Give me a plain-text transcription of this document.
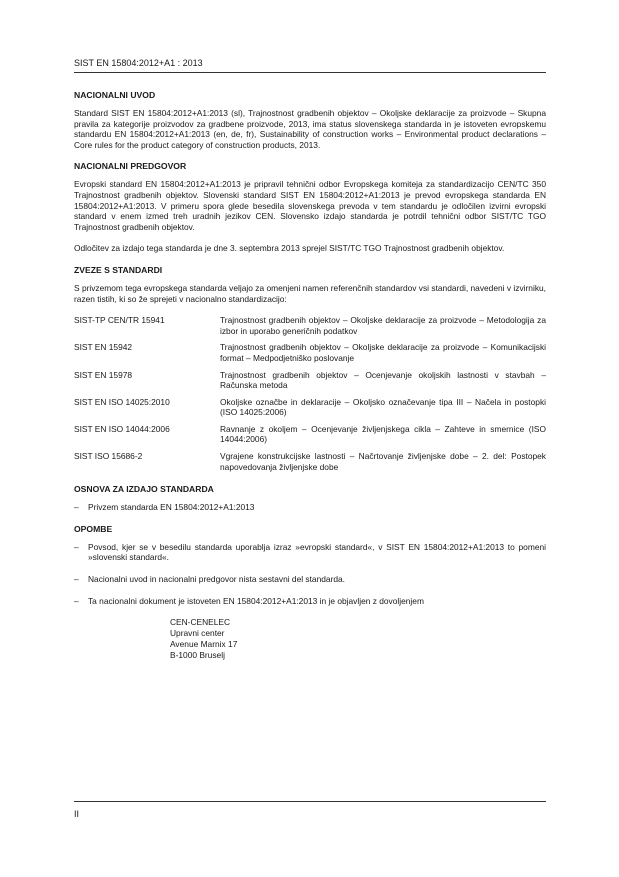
SIST EN 15804:2012+A1 : 2013
NACIONALNI UVOD

Standard SIST EN 15804:2012+A1:2013 (sl), Trajnostnost gradbenih objektov – Okoljske deklaracije za proizvode – Skupna pravila za kategorije proizvodov za gradbene proizvode, 2013, ima status slovenskega standarda in je istoveten evropskemu standardu EN 15804:2012+A1:2013 (en, de, fr), Sustainability of construction works – Environmental product declarations – Core rules for the product category of construction products, 2013.

NACIONALNI PREDGOVOR

Evropski standard EN 15804:2012+A1:2013 je pripravil tehnični odbor Evropskega komiteja za standardizacijo CEN/TC 350 Trajnostnost gradbenih objektov. Slovenski standard SIST EN 15804:2012+A1:2013 je prevod evropskega standarda EN 15804:2012+A1:2013. V primeru spora glede besedila slovenskega prevoda v tem standardu je odločilen izvirni evropski standard v enem izmed treh uradnih jezikov CEN. Slovensko izdajo standarda je potrdil tehnični odbor SIST/TC TGO Trajnostnost gradbenih objektov.

Odločitev za izdajo tega standarda je dne 3. septembra 2013 sprejel SIST/TC TGO Trajnostnost gradbenih objektov.

ZVEZE S STANDARDI

S privzemom tega evropskega standarda veljajo za omenjeni namen referenčnih standardov vsi standardi, navedeni v izvirniku, razen tistih, ki so že sprejeti v nacionalno standardizacijo:

SIST-TP CEN/TR 15941	Trajnostnost gradbenih objektov – Okoljske deklaracije za proizvode – Metodologija za izbor in uporabo generičnih podatkov
SIST EN 15942	Trajnostnost gradbenih objektov – Okoljske deklaracije za proizvode – Komunikacijski format – Medpodjetniško poslovanje
SIST EN 15978	Trajnostnost gradbenih objektov – Ocenjevanje okoljskih lastnosti v stavbah – Računska metoda
SIST EN ISO 14025:2010	Okoljske označbe in deklaracije – Okoljsko označevanje tipa III – Načela in postopki (ISO 14025:2006)
SIST EN ISO 14044:2006	Ravnanje z okoljem – Ocenjevanje življenjskega cikla – Zahteve in smernice (ISO 14044:2006)
SIST ISO 15686-2	Vgrajene konstrukcijske lastnosti – Načrtovanje življenjske dobe – 2. del: Postopek napovedovanja življenjske dobe
OSNOVA ZA IZDAJO STANDARDA
–	Privzem standarda EN 15804:2012+A1:2013
OPOMBE
–	Povsod, kjer se v besedilu standarda uporablja izraz »evropski standard«, v SIST EN 15804:2012+A1:2013 to pomeni »slovenski standard«.
–	Nacionalni uvod in nacionalni predgovor nista sestavni del standarda.
–	Ta nacionalni dokument je istoveten EN 15804:2012+A1:2013 in je objavljen z dovoljenjem
CEN-CENELEC
Upravni center
Avenue Marnix 17
B-1000 Bruselj
II
